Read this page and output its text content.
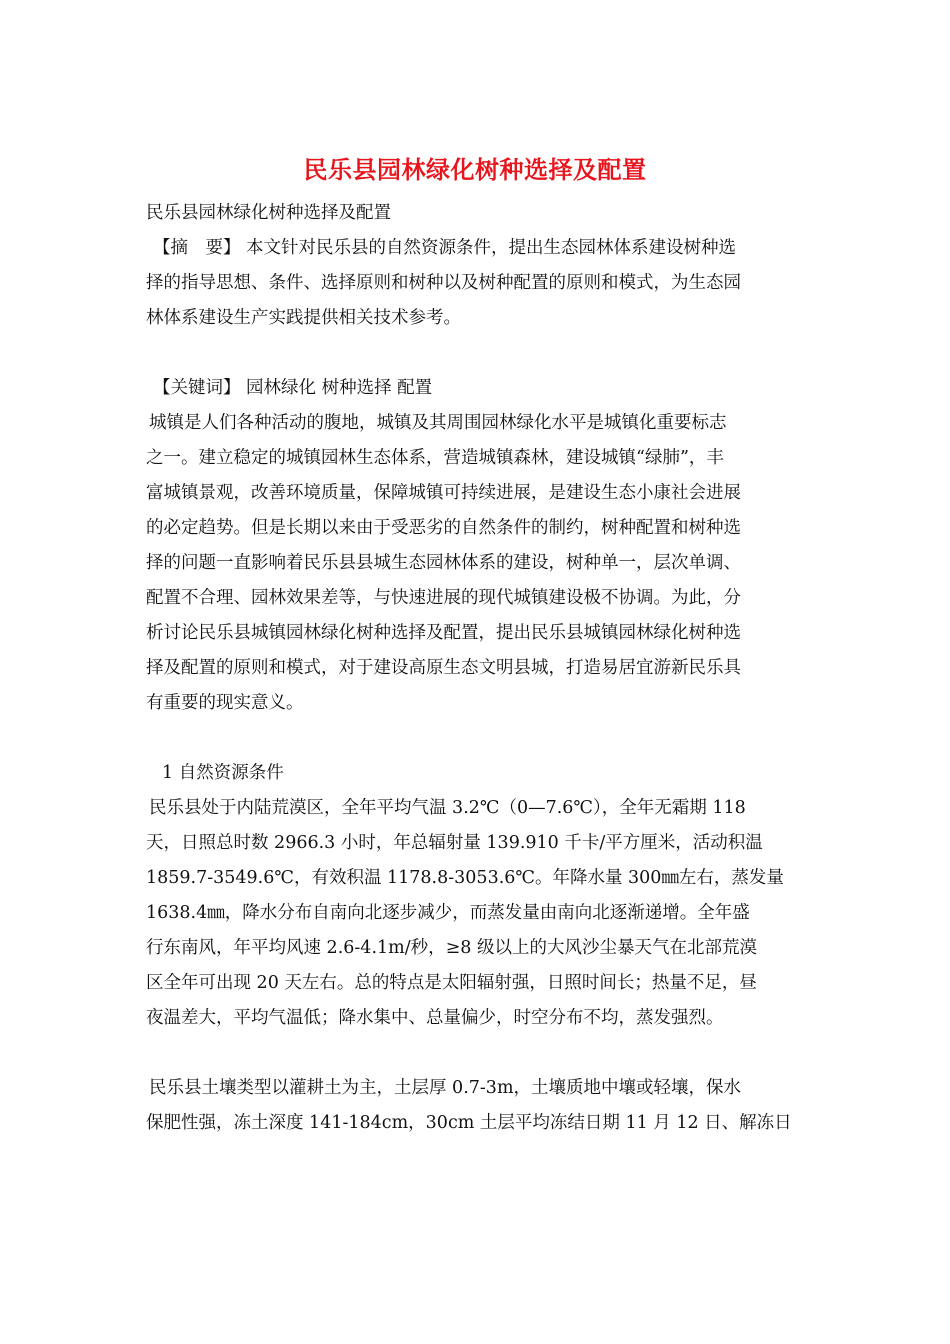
民乐县园林绿化树种选择及配置
民乐县园林绿化树种选择及配置
【摘　要】 本文针对民乐县的自然资源条件，提出生态园林体系建设树种选
择的指导思想、条件、选择原则和树种以及树种配置的原则和模式，为生态园
林体系建设生产实践提供相关技术参考。
【关键词】 园林绿化 树种选择 配置
城镇是人们各种活动的腹地，城镇及其周围园林绿化水平是城镇化重要标志
之一。建立稳定的城镇园林生态体系，营造城镇森林，建设城镇“绿肺”，丰
富城镇景观，改善环境质量，保障城镇可持续进展，是建设生态小康社会进展
的必定趋势。但是长期以来由于受恶劣的自然条件的制约，树种配置和树种选
择的问题一直影响着民乐县县城生态园林体系的建设，树种单一，层次单调、
配置不合理、园林效果差等，与快速进展的现代城镇建设极不协调。为此，分
析讨论民乐县城镇园林绿化树种选择及配置，提出民乐县城镇园林绿化树种选
择及配置的原则和模式，对于建设高原生态文明县城，打造易居宜游新民乐具
有重要的现实意义。
1 自然资源条件
民乐县处于内陆荒漠区，全年平均气温 3.2℃（0—7.6℃），全年无霜期 118
天，日照总时数 2966.3 小时，年总辐射量 139.910 千卡/平方厘米，活动积温
1859.7-3549.6℃，有效积温 1178.8-3053.6℃。年降水量 300㎜左右，蒸发量
1638.4㎜，降水分布自南向北逐步减少，而蒸发量由南向北逐渐递增。全年盛
行东南风，年平均风速 2.6-4.1m/秒，≥8 级以上的大风沙尘暴天气在北部荒漠
区全年可出现 20 天左右。总的特点是太阳辐射强，日照时间长；热量不足，昼
夜温差大，平均气温低；降水集中、总量偏少，时空分布不均，蒸发强烈。
民乐县土壤类型以灌耕土为主，土层厚 0.7-3m，土壤质地中壤或轻壤，保水
保肥性强，冻土深度 141-184cm，30cm 土层平均冻结日期 11 月 12 日、解冻日
